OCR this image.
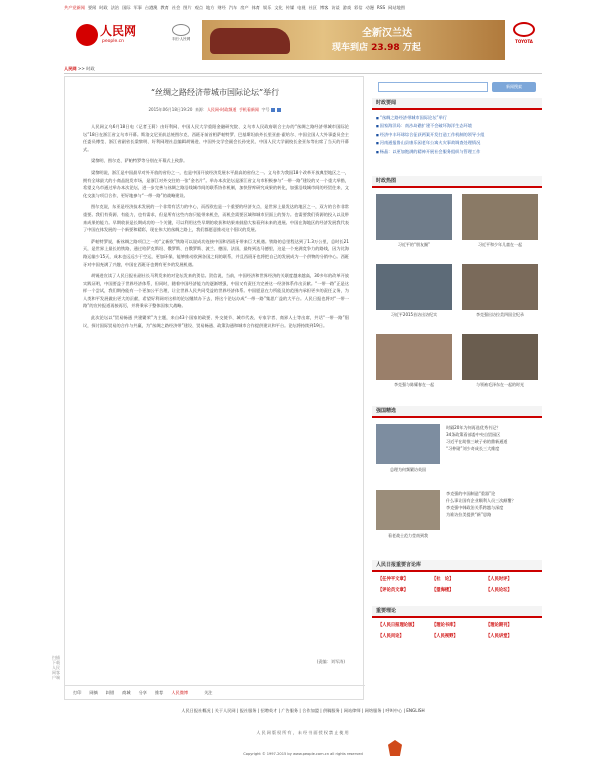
共产党新闻 要闻 时政 法治 国际 军事 台港澳 教育 社会 图片 观点 地方 财经 汽车 房产 体育 娱乐 文化 传媒 电视 社区 博客 访谈 游戏 彩信 动漫 RSS 网站地图
人民网
people.cn	丰田·人民网	全新汉兰达
现车到店 23.98 万起
TOYOTA
人民网 >> 时政
“丝绸之路经济带城市国际论坛”举行
2015年06月18日19:20 来源：人民网-时政频道 手机看新闻 字号

人民网义乌6月18日电（记者王莉）由好利网、中国人民大学重阳金融研究院、义乌市人民政府联合主办的“丝绸之路经济带城市国际论坛”18日在浙江省义乌市开幕。斯洛文尼亚前总统图尔克、西班牙前首相萨帕特罗、巴基斯坦前外长里亚兹·霍哈尔、中国全国人大外事委员会主任委员傅莹、浙江省副省长梁黎明、好利网理社总编辑胡锡进、中国外交学会副会长孙宪民、中国人民大学副校长金亚东等出席了当天的开幕式。

梁黎明、图尔克、萨帕特罗等分别在开幕式上致辞。

梁黎明说，浙江是中国最早对外开放的省份之一，也是中国开放经济发展水平最高的省份之一。义乌作为我国18个改革开放典型地区之一，拥有全球最大的小商品批发市场，是浙江对外交往的一张“金名片”。举办本次论坛是浙江省义乌市积极参与“一带一路”建设的又一个重大举措，希望义乌市通过举办本次论坛，进一步完善与丝绸之路沿线城市间的联系协作机制，加快智库研究成果的转化，加强沿线城市间的经贸往来、文化交流与项目合作，更好地参与“一带一路”的战略建设。

图尔克说，东亚是经济技术发展的一个非常有活力的中心，而西欧也是一个重要的经济支点，是世界上最发达的地区之一，双方的合作非常重要。我们有资源、有能力，也有需求，但是所有这些内容只能带来机会，而机会需要区域和城市层面上的努力。也需要我们资源的投入以及带来成果的能力。早期收获是长期成功的一个关键，可以利用这些早期的收获和结果来鼓励大家看到未来的进展。中国在海地区的经济发展我代表了中国在体发展的一个新要和精彩，现在伟大的丝绸之路上，我们都愿意推动这个倡议的发展。

萨帕特罗说，新丝绸之路项目之一的“义新欧”铁路可以说成功连接中国和西班牙带来巨大机遇。铁路的总里程达到了1.3万公里，总时长21天，是世界上最长的铁路，通过哈萨克斯坦、俄罗斯、白俄罗斯、波兰、德国、法国，最终到达马德里，这是一个充满竞争力的路线，因为比海路运输少15天，成本也远远少于空运，更加环保，能够推动欧洲各国之间的联系，并且西班牙也将把自己的发展成为一个供物的分销中心。西班牙对中国充满了兴趣，中国在西班牙也拥有更多的发展机遇。

胡锡进宣读了人民日报社副社长马利发来的对论坛发来的贺信。贺信说，当前，中国经济和世界经济的关联度越来越高，30多年的改革开放实践证明，中国要益于世界经济体系，但同时，随着中国经济能力的逐渐增强，中国又有责任为完善这一经济体系作出贡献。“一带一路”正是这样一个尝试，我们期待能有一个更加公平合理，让全世界人民共同受益的世界经济体系。中国愿意在力所能及的范围内承担更多的责任义务，为人类和平发展做出更大的贡献，希望好利网对这样的论坛继续办下去，将这个论坛办成“一带一路”集思广益的大平台。人民日报也将对“一带一路”的宣传报道再接再厉，并将秉承于整体国家大战略。

此次论坛以“贸易畅通 共建繁荣”为主题，来自43个国家的政要、外交使节、城市代表、专家学者、商界人士等出席，共话“一带一路”倡议，探讨国际贸易的合作与共赢，为“丝绸之路经济带”建设、贸易畅通、政策沟通和城市合作提供建议和平台。论坛将持续到19日。

(责编：刘军涛)
打印 网摘 纠错 商城 分享 推荐 人民微博	关注
扫描下载人民网客户端
新闻搜索
时政要闻
■ “丝绸之路经济带城市国际论坛”举行
■ 国家海洋局：南沙岛礁扩建不会破坏海洋生态环境
■ 经济中丰环球综合征获两案开发打造工作机制的领导小组
■ 河南通报鲁山县康乐园老年公寓火灾事故调查处理情况
■ 杨晶：以更加饱满的精神开展社会服务组织与管理工作
时政热图
习近平的“朋友圈”	习近平和少年儿童在一起
习近平2015首访出访纪实	李克强出访拉美四国全纪录
李克强与陈耀春在一起	与领袖毛泽东在一起的时光
强国精选
总理为何频繁访英国
时隔20年为何再选优秀书记？
34条政策看部委中央自贸园区
习近平在助推三峡子弟的鼎新通道
“习仲勋”刘少奇成长三大维度
看老战士范力莹南到我
李克强的中国制造“重器”论
什么事让国有企业顺利人员三次颠覆？
李克强中韩政治关系跨越与深度
为谁访拉美提供“新”思路
人民日报重要言论库
【任仲平文章】	【社　论】	【人民时评】
【评论员文章】	【望海楼】	【人民论坛】
重要理论
【人民日报理论版】	【理论书库】	【理论期刊】
【人民问论】	【人民视野】	【人民讲堂】
人民日报社概况 | 关于人民网 | 报社服务 | 招聘英才 | 广告服务 | 合作加盟 | 供稿服务 | 网站律师 | 网络服务 | 呼叫中心 | ENGLISH
人民网版权所有，未经书面授权禁止使用
Copyright © 1997-2015 by www.people.com.cn all rights reserved
